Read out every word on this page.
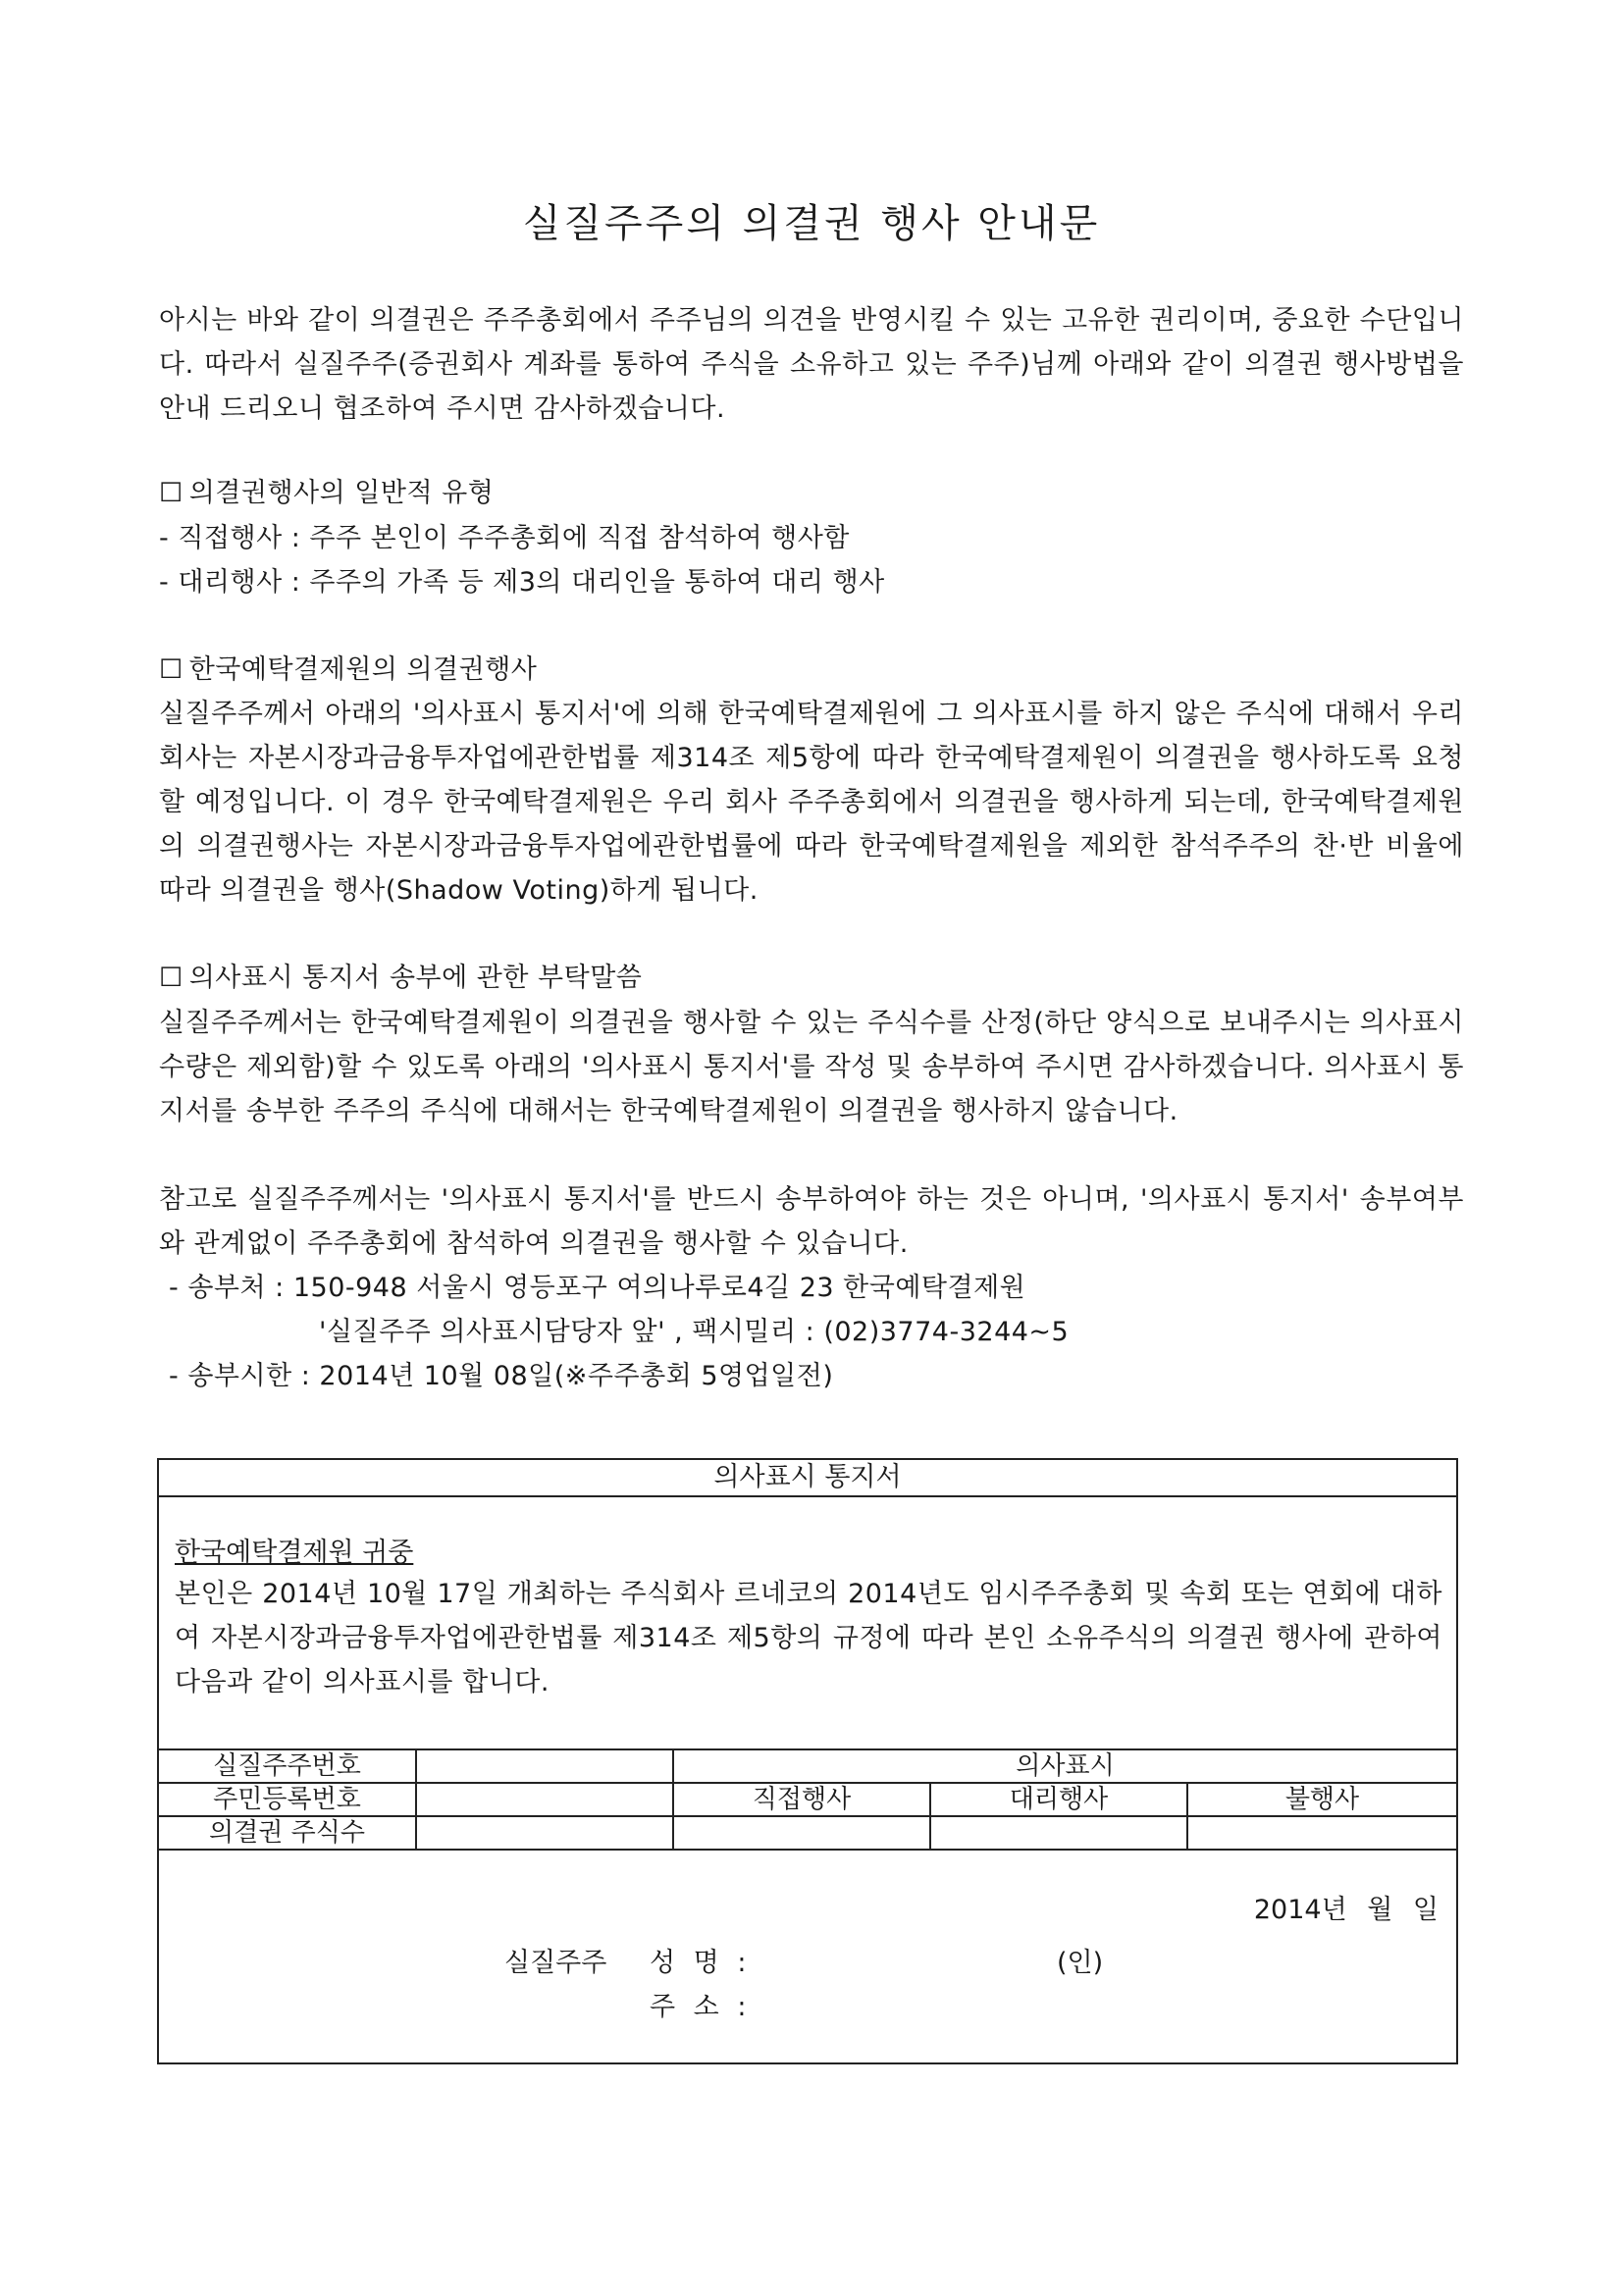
실질주주의 의결권 행사 안내문

아시는 바와 같이 의결권은 주주총회에서 주주님의 의견을 반영시킬 수 있는 고유한 권리이며, 중요한 수단입니다. 따라서 실질주주(증권회사 계좌를 통하여 주식을 소유하고 있는 주주)님께 아래와 같이 의결권 행사방법을 안내 드리오니 협조하여 주시면 감사하겠습니다.

☐ 의결권행사의 일반적 유형
- 직접행사 : 주주 본인이 주주총회에 직접 참석하여 행사함
- 대리행사 : 주주의 가족 등 제3의 대리인을 통하여 대리 행사
☐ 한국예탁결제원의 의결권행사

실질주주께서 아래의 '의사표시 통지서'에 의해 한국예탁결제원에 그 의사표시를 하지 않은 주식에 대해서 우리회사는 자본시장과금융투자업에관한법률 제314조 제5항에 따라 한국예탁결제원이 의결권을 행사하도록 요청할 예정입니다. 이 경우 한국예탁결제원은 우리 회사 주주총회에서 의결권을 행사하게 되는데, 한국예탁결제원의 의결권행사는 자본시장과금융투자업에관한법률에 따라 한국예탁결제원을 제외한 참석주주의 찬·반 비율에 따라 의결권을 행사(Shadow Voting)하게 됩니다.

☐ 의사표시 통지서 송부에 관한 부탁말씀

실질주주께서는 한국예탁결제원이 의결권을 행사할 수 있는 주식수를 산정(하단 양식으로 보내주시는 의사표시 수량은 제외함)할 수 있도록 아래의 '의사표시 통지서'를 작성 및 송부하여 주시면 감사하겠습니다. 의사표시 통지서를 송부한 주주의 주식에 대해서는 한국예탁결제원이 의결권을 행사하지 않습니다.

참고로 실질주주께서는 '의사표시 통지서'를 반드시 송부하여야 하는 것은 아니며, '의사표시 통지서' 송부여부와 관계없이 주주총회에 참석하여 의결권을 행사할 수 있습니다.

- 송부처 : 150-948 서울시 영등포구 여의나루로4길 23 한국예탁결제원
'실질주주 의사표시담당자 앞' , 팩시밀리 : (02)3774-3244~5
- 송부시한 : 2014년 10월 08일(※주주총회 5영업일전)
의사표시 통지서
한국예탁결제원 귀중
본인은 2014년 10월 17일 개최하는 주식회사 르네코의 2014년도 임시주주총회 및 속회 또는 연회에 대하여 자본시장과금융투자업에관한법률 제314조 제5항의 규정에 따라 본인 소유주식의 의결권 행사에 관하여 다음과 같이 의사표시를 합니다.
실질주주번호		의사표시		
주민등록번호		직접행사	대리행사	불행사
의결권 주식수				
2014년 월 일
실질주주 성 명 :	(인)
주 소 :
